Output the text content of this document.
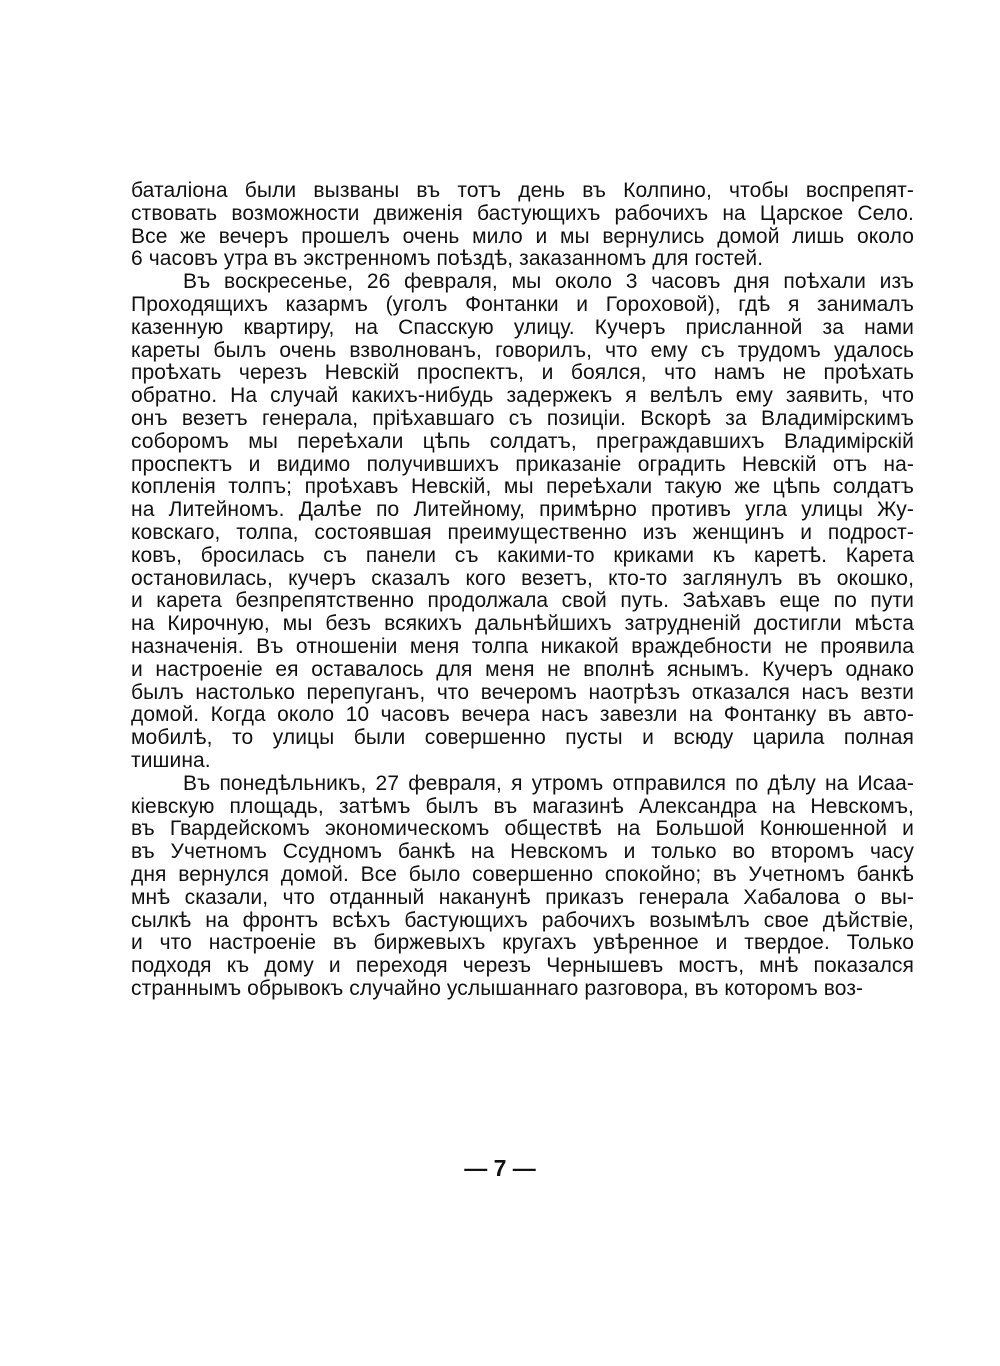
баталіона были вызваны въ тотъ день въ Колпино, чтобы воспрепят-
ствовать возможности движенія бастующихъ рабочихъ на Царское Село.
Все же вечеръ прошелъ очень мило и мы вернулись домой лишь около
6 часовъ утра въ экстренномъ поѣздѣ, заказанномъ для гостей.
Въ воскресенье, 26 февраля, мы около 3 часовъ дня поѣхали изъ
Проходящихъ казармъ (уголъ Фонтанки и Гороховой), гдѣ я занималъ
казенную квартиру, на Спасскую улицу. Кучеръ присланной за нами
кареты былъ очень взволнованъ, говорилъ, что ему съ трудомъ удалось
проѣхать черезъ Невскій проспектъ, и боялся, что намъ не проѣхать
обратно. На случай какихъ-нибудь задержекъ я велѣлъ ему заявить, что
онъ везетъ генерала, пріѣхавшаго съ позиціи. Вскорѣ за Владимірскимъ
соборомъ мы переѣхали цѣпь солдатъ, преграждавшихъ Владимірскій
проспектъ и видимо получившихъ приказаніе оградить Невскій отъ на-
копленія толпъ; проѣхавъ Невскій, мы переѣхали такую же цѣпь солдатъ
на Литейномъ. Далѣе по Литейному, примѣрно противъ угла улицы Жу-
ковскаго, толпа, состоявшая преимущественно изъ женщинъ и подрост-
ковъ, бросилась съ панели съ какими-то криками къ каретѣ. Карета
остановилась, кучеръ сказалъ кого везетъ, кто-то заглянулъ въ окошко,
и карета безпрепятственно продолжала свой путь. Заѣхавъ еще по пути
на Кирочную, мы безъ всякихъ дальнѣйшихъ затрудненій достигли мѣста
назначенія. Въ отношеніи меня толпа никакой враждебности не проявила
и настроеніе ея оставалось для меня не вполнѣ яснымъ. Кучеръ однако
былъ настолько перепуганъ, что вечеромъ наотрѣзъ отказался насъ везти
домой. Когда около 10 часовъ вечера насъ завезли на Фонтанку въ авто-
мобилѣ, то улицы были совершенно пусты и всюду царила полная
тишина.
Въ понедѣльникъ, 27 февраля, я утромъ отправился по дѣлу на Исаа-
кіевскую площадь, затѣмъ былъ въ магазинѣ Александра на Невскомъ,
въ Гвардейскомъ экономическомъ обществѣ на Большой Конюшенной и
въ Учетномъ Ссудномъ банкѣ на Невскомъ и только во второмъ часу
дня вернулся домой. Все было совершенно спокойно; въ Учетномъ банкѣ
мнѣ сказали, что отданный наканунѣ приказъ генерала Хабалова о вы-
сылкѣ на фронтъ всѣхъ бастующихъ рабочихъ возымѣлъ свое дѣйствіе,
и что настроеніе въ биржевыхъ кругахъ увѣренное и твердое. Только
подходя къ дому и переходя черезъ Чернышевъ мостъ, мнѣ показался
страннымъ обрывокъ случайно услышаннаго разговора, въ которомъ воз-
— 7 —
